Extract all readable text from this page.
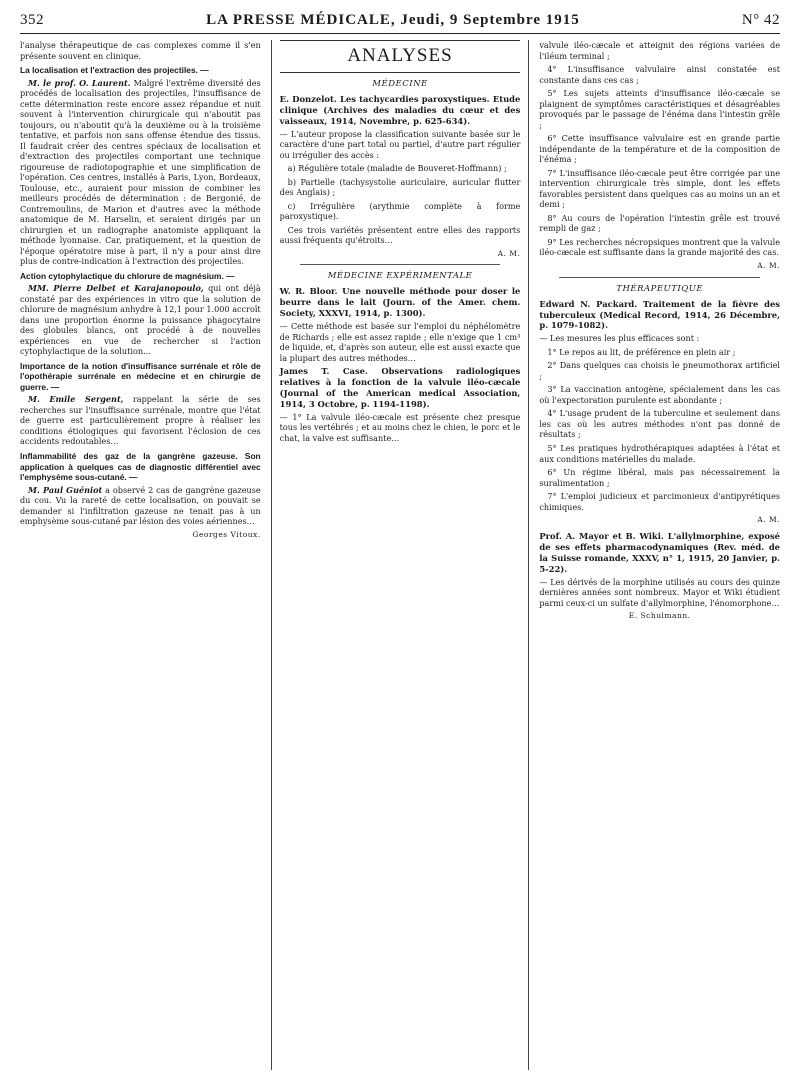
352	LA PRESSE MÉDICALE, Jeudi, 9 Septembre 1915	N° 42

l'analyse thérapeutique de cas complexes comme il s'en présente souvent en clinique.

La localisation et l'extraction des projectiles. —

M. le prof. O. Laurent. Malgré l'extrême diversité des procédés de localisation des projectiles, l'insuffisance de cette détermination reste encore assez répandue et nuit souvent à l'intervention chirurgicale qui n'aboutit pas toujours, ou n'aboutit qu'à la deuxième ou à la troisième tentative, et parfois non sans offense étendue des tissus. Il faudrait créer des centres spéciaux de localisation et d'extraction des projectiles comportant une technique rigoureuse de radiotopographie et une simplification de l'opération. Ces centres, installés à Paris, Lyon, Bordeaux, Toulouse, etc., auraient pour mission de combiner les meilleurs procédés de détermination : de Bergonié, de Contremoulins, de Marion et d'autres avec la méthode anatomique de M. Harselin, et seraient dirigés par un chirurgien et un radiographe anatomiste appliquant la méthode lyonnaise. Car, pratiquement, et la question de l'époque opératoire mise à part, il n'y a pour ainsi dire plus de contre-indication à l'extraction des projectiles.

Action cytophylactique du chlorure de magnésium. —

MM. Pierre Delbet et Karajanopoulo, qui ont déjà constaté par des expériences in vitro que la solution de chlorure de magnésium anhydre à 12,1 pour 1.000 accroît dans une proportion énorme la puissance phagocytaire des globules blancs, ont procédé à de nouvelles expériences en vue de rechercher si l'action cytophylactique de la solution…

Importance de la notion d'insuffisance surrénale et rôle de l'opothérapie surrénale en médecine et en chirurgie de guerre. —

M. Emile Sergent, rappelant la série de ses recherches sur l'insuffisance surrénale, montre que l'état de guerre est particulièrement propre à réaliser les conditions étiologiques qui favorisent l'éclosion de ces accidents redoutables…

Inflammabilité des gaz de la gangrène gazeuse. Son application à quelques cas de diagnostic différentiel avec l'emphysème sous-cutané. —

M. Paul Guéniot a observé 2 cas de gangrène gazeuse du cou. Vu la rareté de cette localisation, on pouvait se demander si l'infiltration gazeuse ne tenait pas à un emphysème sous-cutané par lésion des voies aériennes…

Georges Vitoux.
ANALYSES
MÉDECINE
E. Donzelot. Les tachycardies paroxystiques. Etude clinique (Archives des maladies du cœur et des vaisseaux, 1914, Novembre, p. 625-634).

— L'auteur propose la classification suivante basée sur le caractère d'une part total ou partiel, d'autre part régulier ou irrégulier des accès :

a) Régulière totale (maladie de Bouveret-Hoffmann) ;

b) Partielle (tachysystolie auriculaire, auricular flutter des Anglais) ;

c) Irrégulière (arythmie complète à forme paroxystique).

Ces trois variétés présentent entre elles des rapports aussi fréquents qu'étroits…

A. M.
MÉDECINE EXPÉRIMENTALE
W. R. Bloor. Une nouvelle méthode pour doser le beurre dans le lait (Journ. of the Amer. chem. Society, XXXVI, 1914, p. 1300).

— Cette méthode est basée sur l'emploi du néphélomètre de Richards ; elle est assez rapide ; elle n'exige que 1 cm³ de liquide, et, d'après son auteur, elle est aussi exacte que la plupart des autres méthodes…

James T. Case. Observations radiologiques relatives à la fonction de la valvule iléo-cæcale (Journal of the American medical Association, 1914, 3 Octobre, p. 1194-1198).

— 1° La valvule iléo-cæcale est présente chez presque tous les vertébrés ; et au moins chez le chien, le porc et le chat, la valve est suffisante…

valvule iléo-cæcale et atteignit des régions variées de l'iléum terminal ;

4° L'insuffisance valvulaire ainsi constatée est constante dans ces cas ;

5° Les sujets atteints d'insuffisance iléo-cæcale se plaignent de symptômes caractéristiques et désagréables provoqués par le passage de l'énéma dans l'intestin grêle ;

6° Cette insuffisance valvulaire est en grande partie indépendante de la température et de la composition de l'énéma ;

7° L'insuffisance iléo-cæcale peut être corrigée par une intervention chirurgicale très simple, dont les effets favorables persistent dans quelques cas au moins un an et demi ;

8° Au cours de l'opération l'intestin grêle est trouvé rempli de gaz ;

9° Les recherches nécropsiques montrent que la valvule iléo-cæcale est suffisante dans la grande majorité des cas.

A. M.
THÉRAPEUTIQUE
Edward N. Packard. Traitement de la fièvre des tuberculeux (Medical Record, 1914, 26 Décembre, p. 1079-1082).

— Les mesures les plus efficaces sont :

1° Le repos au lit, de préférence en plein air ;

2° Dans quelques cas choisis le pneumothorax artificiel ;

3° La vaccination antogène, spécialement dans les cas où l'expectoration purulente est abondante ;

4° L'usage prudent de la tuberculine et seulement dans les cas où les autres méthodes n'ont pas donné de résultats ;

5° Les pratiques hydrothérapiques adaptées à l'état et aux conditions matérielles du malade.

6° Un régime libéral, mais pas nécessairement la suralimentation ;

7° L'emploi judicieux et parcimonieux d'antipyrétiques chimiques.

A. M.
Prof. A. Mayor et B. Wiki. L'allylmorphine, exposé de ses effets pharmacodynamiques (Rev. méd. de la Suisse romande, XXXV, n° 1, 1915, 20 Janvier, p. 5-22).

— Les dérivés de la morphine utilisés au cours des quinze dernières années sont nombreux. Mayor et Wiki étudient parmi ceux-ci un sulfate d'allylmorphine, l'énomorphone…

E. Schulmann.
